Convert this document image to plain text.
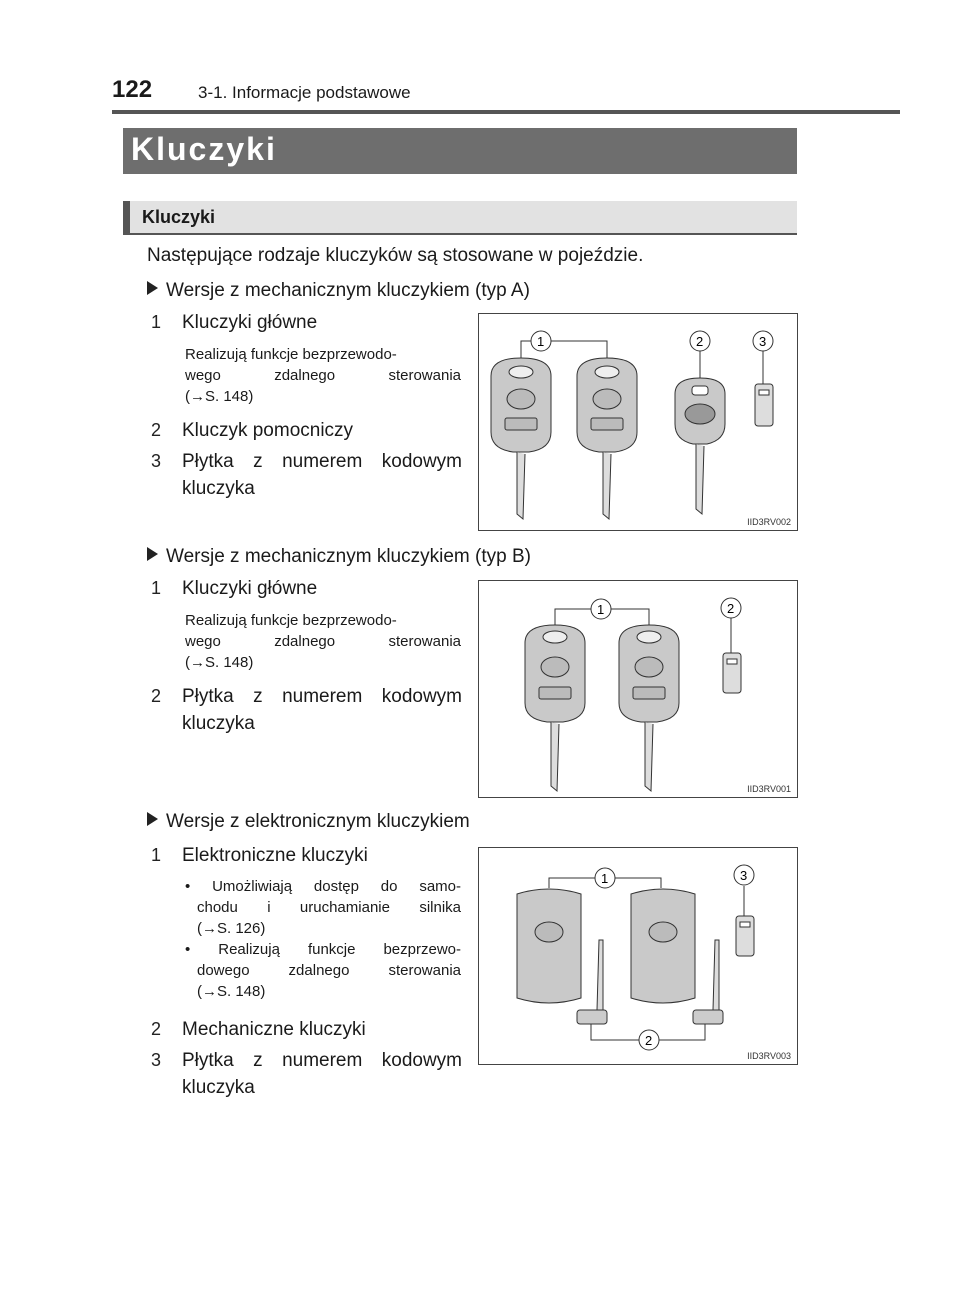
122	3-1. Informacje podstawowe
Kluczyki
Kluczyki
Następujące rodzaje kluczyków są stosowane w pojeździe.
Wersje z mechanicznym kluczykiem (typ A)
1 Kluczyki główne
Realizują funkcje bezprzewodo-
wego zdalnego sterowania
(→S. 148)
2 Kluczyk pomocniczy
3 Płytka z numerem kodowym
kluczyka
1	2	3
IID3RV002
Wersje z mechanicznym kluczykiem (typ B)
1 Kluczyki główne
Realizują funkcje bezprzewodo-
wego zdalnego sterowania
(→S. 148)
2 Płytka z numerem kodowym
kluczyka
1	2
IID3RV001
Wersje z elektronicznym kluczykiem
1 Elektroniczne kluczyki
• Umożliwiają dostęp do samo-
chodu i uruchamianie silnika
(→S. 126)
• Realizują funkcje bezprzewo-
dowego zdalnego sterowania
(→S. 148)
2 Mechaniczne kluczyki
3 Płytka z numerem kodowym
kluczyka
1	3
2
IID3RV003
